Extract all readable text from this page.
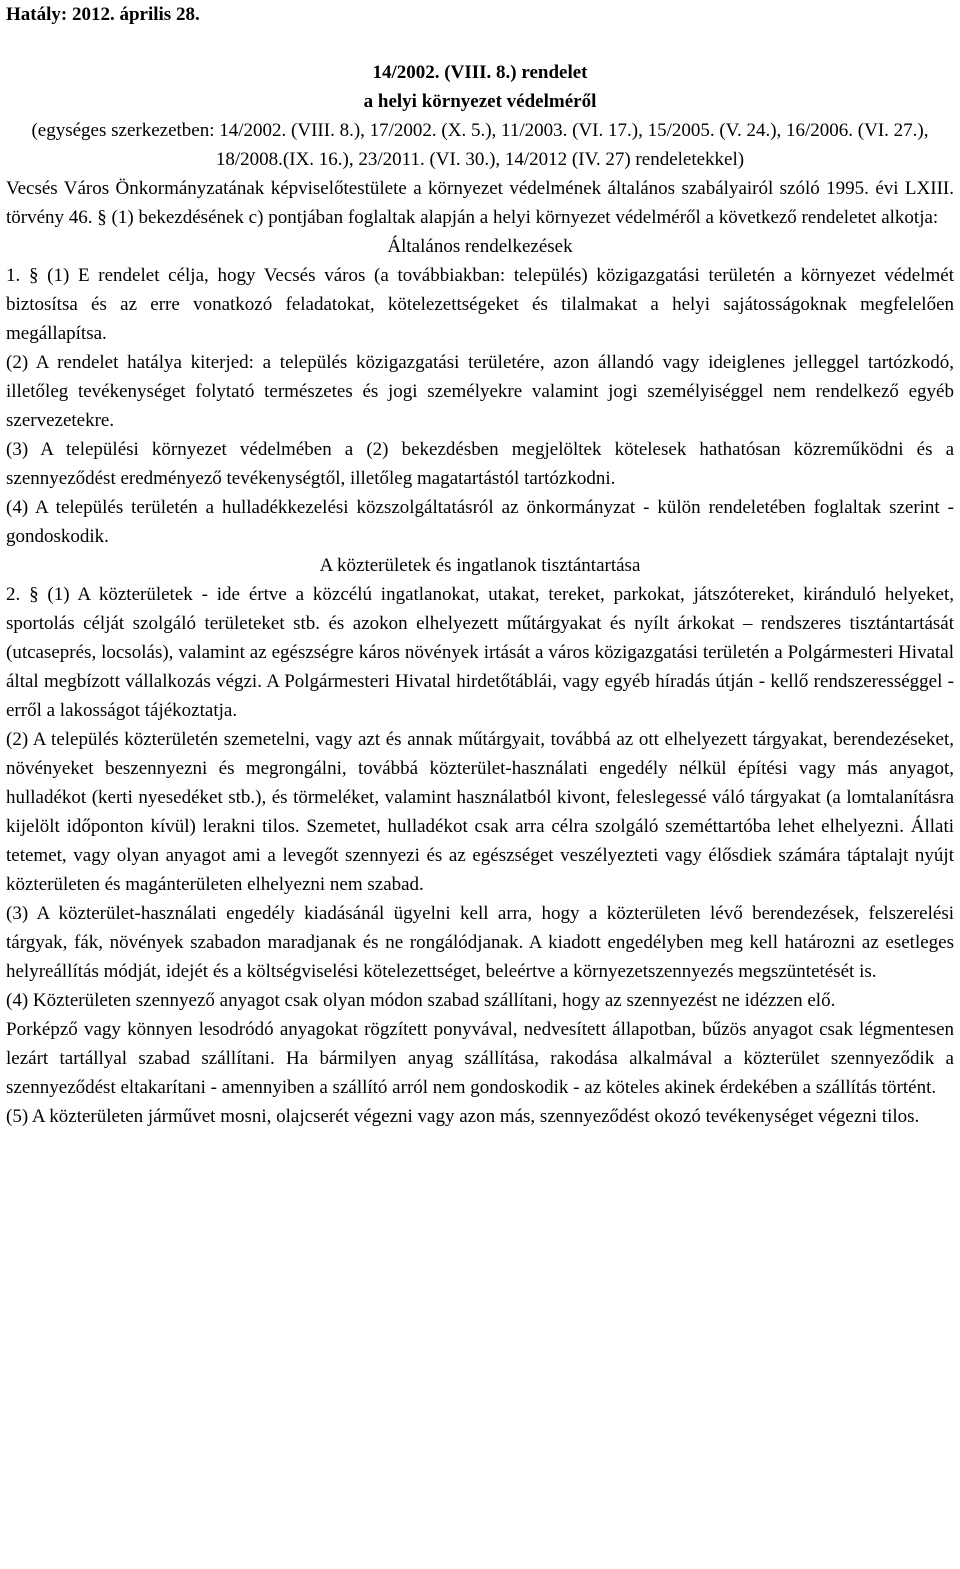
Hatály: 2012. április 28.

14/2002. (VIII. 8.) rendelet

a helyi környezet védelméről

(egységes szerkezetben: 14/2002. (VIII. 8.), 17/2002. (X. 5.), 11/2003. (VI. 17.), 15/2005. (V. 24.), 16/2006. (VI. 27.), 18/2008.(IX. 16.), 23/2011. (VI. 30.), 14/2012 (IV. 27) rendeletekkel)

Vecsés Város Önkormányzatának képviselőtestülete a környezet védelmének általános szabályairól szóló 1995. évi LXIII. törvény 46. § (1) bekezdésének c) pontjában foglaltak alapján a helyi környezet védelméről a következő rendeletet alkotja:

Általános rendelkezések

1. § (1) E rendelet célja, hogy Vecsés város (a továbbiakban: település) közigazgatási területén a környezet védelmét biztosítsa és az erre vonatkozó feladatokat, kötelezettségeket és tilalmakat a helyi sajátosságoknak megfelelően megállapítsa.

(2) A rendelet hatálya kiterjed: a település közigazgatási területére, azon állandó vagy ideiglenes jelleggel tartózkodó, illetőleg tevékenységet folytató természetes és jogi személyekre valamint jogi személyiséggel nem rendelkező egyéb szervezetekre.

(3) A települési környezet védelmében a (2) bekezdésben megjelöltek kötelesek hathatósan közreműködni és a szennyeződést eredményező tevékenységtől, illetőleg magatartástól tartózkodni.

(4) A település területén a hulladékkezelési közszolgáltatásról az önkormányzat - külön rendeletében foglaltak szerint - gondoskodik.

A közterületek és ingatlanok tisztántartása

2. § (1) A közterületek - ide értve a közcélú ingatlanokat, utakat, tereket, parkokat, játszótereket, kiránduló helyeket, sportolás célját szolgáló területeket stb. és azokon elhelyezett műtárgyakat és nyílt árkokat – rendszeres tisztántartását (utcaseprés, locsolás), valamint az egészségre káros növények irtását a város közigazgatási területén a Polgármesteri Hivatal által megbízott vállalkozás végzi. A Polgármesteri Hivatal hirdetőtáblái, vagy egyéb híradás útján - kellő rendszerességgel - erről a lakosságot tájékoztatja.

(2) A település közterületén szemetelni, vagy azt és annak műtárgyait, továbbá az ott elhelyezett tárgyakat, berendezéseket, növényeket beszennyezni és megrongálni, továbbá közterület-használati engedély nélkül építési vagy más anyagot, hulladékot (kerti nyesedéket stb.), és törmeléket, valamint használatból kivont, feleslegessé váló tárgyakat (a lomtalanításra kijelölt időponton kívül) lerakni tilos. Szemetet, hulladékot csak arra célra szolgáló szeméttartóba lehet elhelyezni. Állati tetemet, vagy olyan anyagot ami a levegőt szennyezi és az egészséget veszélyezteti vagy élősdiek számára táptalajt nyújt közterületen és magánterületen elhelyezni nem szabad.

(3) A közterület-használati engedély kiadásánál ügyelni kell arra, hogy a közterületen lévő berendezések, felszerelési tárgyak, fák, növények szabadon maradjanak és ne rongálódjanak. A kiadott engedélyben meg kell határozni az esetleges helyreállítás módját, idejét és a költségviselési kötelezettséget, beleértve a környezetszennyezés megszüntetését is.

(4) Közterületen szennyező anyagot csak olyan módon szabad szállítani, hogy az szennyezést ne idézzen elő.

Porképző vagy könnyen lesodródó anyagokat rögzített ponyvával, nedvesített állapotban, bűzös anyagot csak légmentesen lezárt tartállyal szabad szállítani. Ha bármilyen anyag szállítása, rakodása alkalmával a közterület szennyeződik a szennyeződést eltakarítani - amennyiben a szállító arról nem gondoskodik - az köteles akinek érdekében a szállítás történt.

(5) A közterületen járművet mosni, olajcserét végezni vagy azon más, szennyeződést okozó tevékenységet végezni tilos.
